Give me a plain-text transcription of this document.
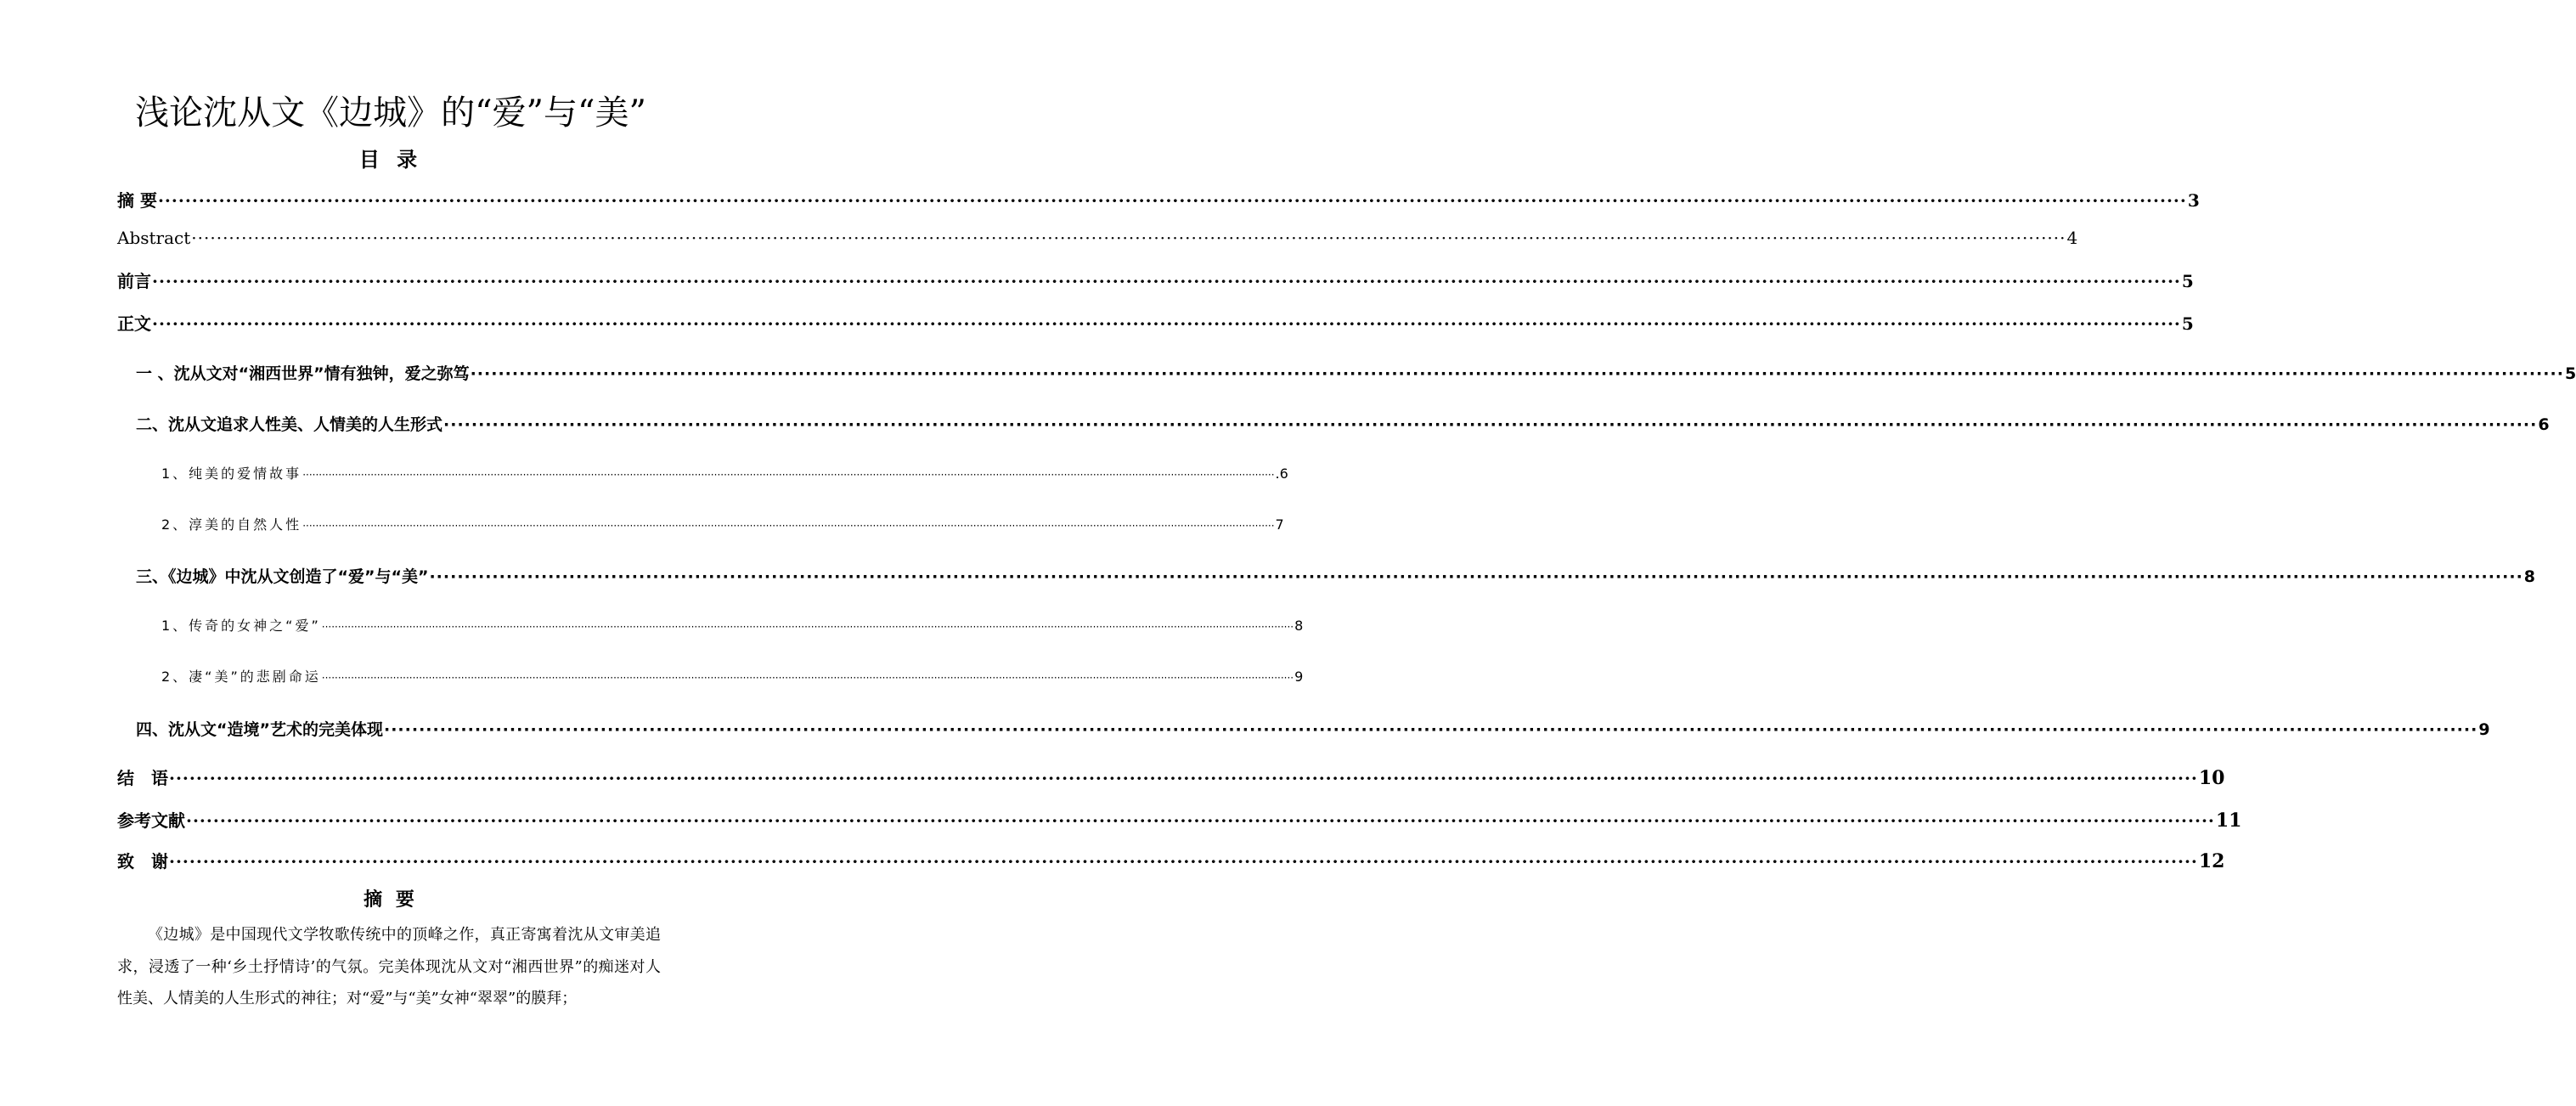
浅论沈从文《边城》的“爱”与“美”
目 录
摘 要 ············································································································································································································································································································ 3
Abstract ············································································································································································································································································································ 4
前言 ············································································································································································································································································································ 5
正文 ············································································································································································································································································································ 5
一 、沈从文对“湘西世界”情有独钟，爱之弥笃 ············································································································································································································································································································ 5
二、沈从文追求人性美、人情美的人生形式 ············································································································································································································································································································ 6
1、纯美的爱情故事 ············································································································································································································································································································ .6
2、淳美的自然人性 ············································································································································································································································································································ 7
三、《边城》中沈从文创造了“爱”与“美” ············································································································································································································································································································ 8
1、传奇的女神之“爱” ············································································································································································································································································································ 8
2、凄“美”的悲剧命运 ············································································································································································································································································································ 9
四、沈从文“造境”艺术的完美体现 ············································································································································································································································································································ 9
结　语 ············································································································································································································································································································ 10
参考文献 ············································································································································································································································································································ 11
致　谢 ············································································································································································································································································································ 12
摘 要
《边城》是中国现代文学牧歌传统中的顶峰之作，真正寄寓着沈从文审美追求，浸透了一种‘乡土抒情诗’的气氛。完美体现沈从文对“湘西世界”的痴迷对人性美、人情美的人生形式的神往；对“爱”与“美”女神“翠翠”的膜拜；
